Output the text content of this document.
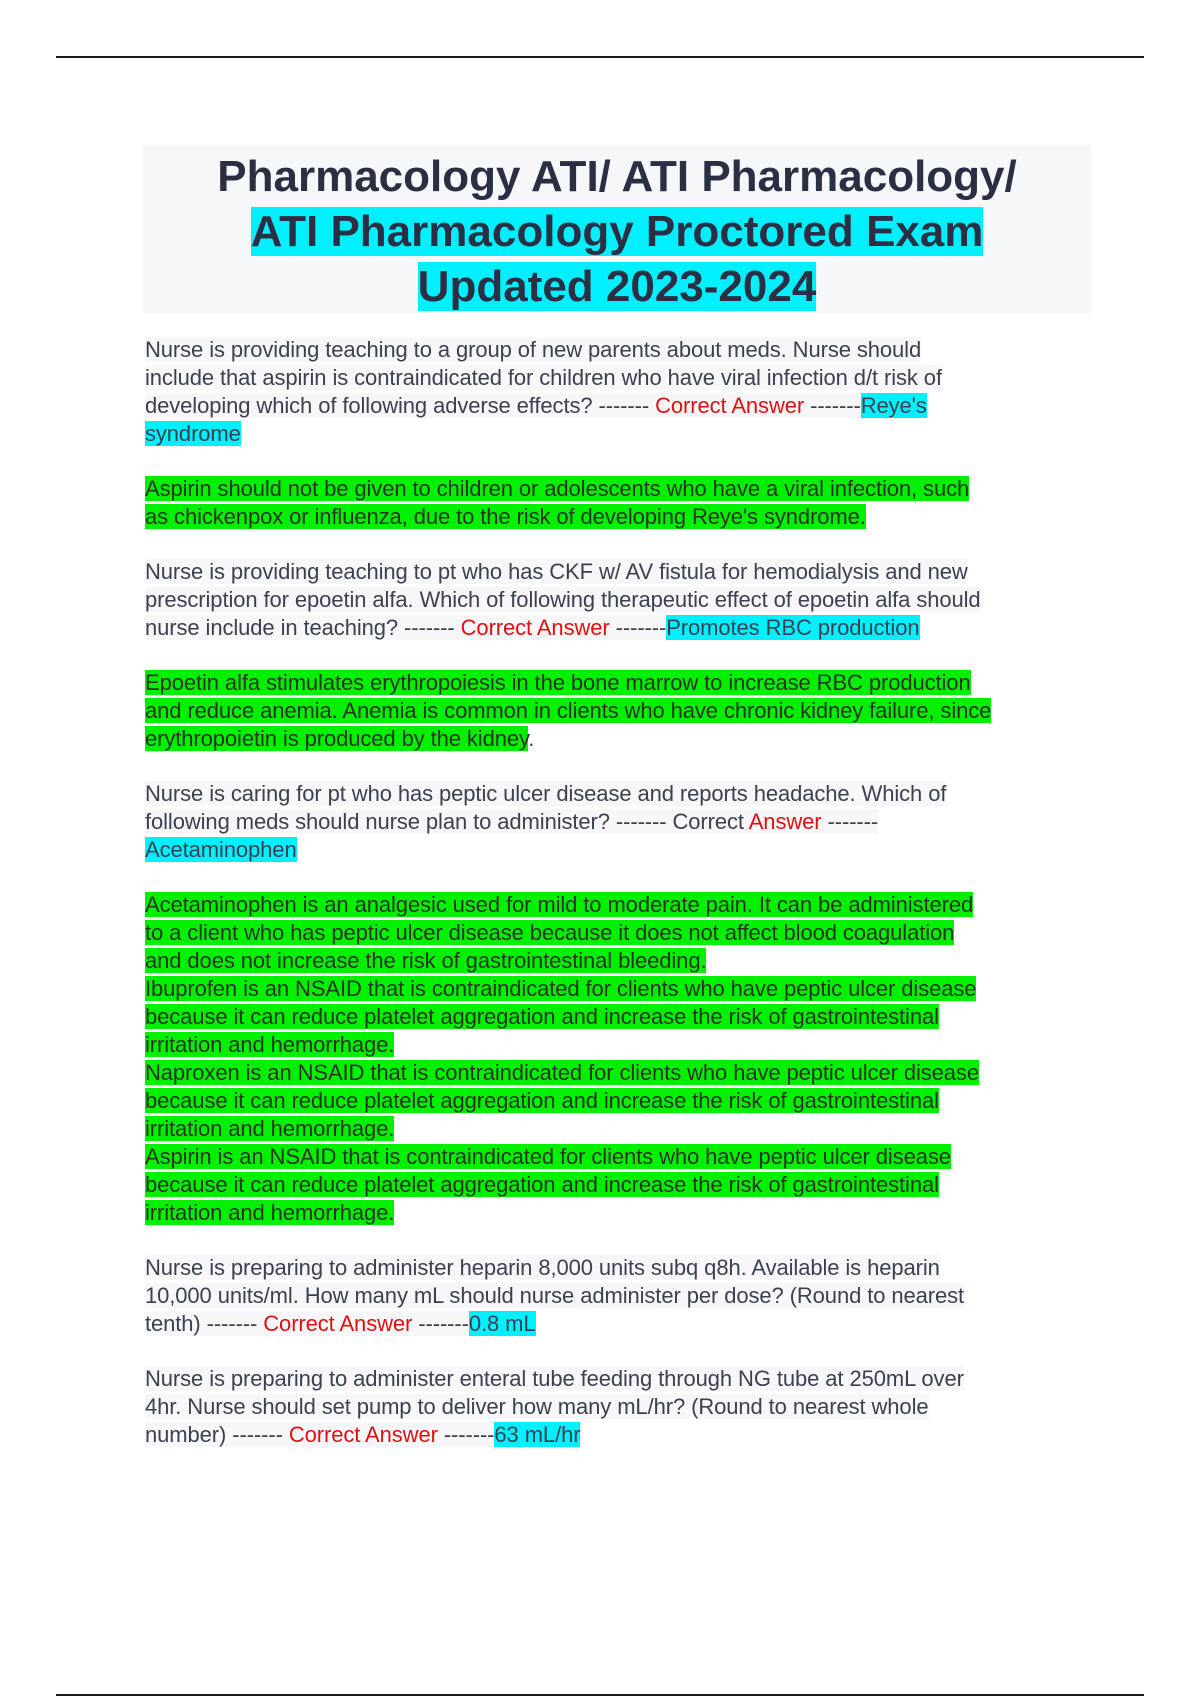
Pharmacology ATI/ ATI Pharmacology/
ATI Pharmacology Proctored Exam
Updated 2023-2024
Nurse is providing teaching to a group of new parents about meds. Nurse should
include that aspirin is contraindicated for children who have viral infection d/t risk of
developing which of following adverse effects? ------- Correct Answer -------Reye's
syndrome
Aspirin should not be given to children or adolescents who have a viral infection, such
as chickenpox or influenza, due to the risk of developing Reye's syndrome.
Nurse is providing teaching to pt who has CKF w/ AV fistula for hemodialysis and new
prescription for epoetin alfa. Which of following therapeutic effect of epoetin alfa should
nurse include in teaching? ------- Correct Answer -------Promotes RBC production
Epoetin alfa stimulates erythropoiesis in the bone marrow to increase RBC production
and reduce anemia. Anemia is common in clients who have chronic kidney failure, since
erythropoietin is produced by the kidney.
Nurse is caring for pt who has peptic ulcer disease and reports headache. Which of
following meds should nurse plan to administer? ------- Correct Answer -------
Acetaminophen
Acetaminophen is an analgesic used for mild to moderate pain. It can be administered
to a client who has peptic ulcer disease because it does not affect blood coagulation
and does not increase the risk of gastrointestinal bleeding.
Ibuprofen is an NSAID that is contraindicated for clients who have peptic ulcer disease
because it can reduce platelet aggregation and increase the risk of gastrointestinal
irritation and hemorrhage.
Naproxen is an NSAID that is contraindicated for clients who have peptic ulcer disease
because it can reduce platelet aggregation and increase the risk of gastrointestinal
irritation and hemorrhage.
Aspirin is an NSAID that is contraindicated for clients who have peptic ulcer disease
because it can reduce platelet aggregation and increase the risk of gastrointestinal
irritation and hemorrhage.
Nurse is preparing to administer heparin 8,000 units subq q8h. Available is heparin
10,000 units/ml. How many mL should nurse administer per dose? (Round to nearest
tenth) ------- Correct Answer -------0.8 mL
Nurse is preparing to administer enteral tube feeding through NG tube at 250mL over
4hr. Nurse should set pump to deliver how many mL/hr? (Round to nearest whole
number) ------- Correct Answer -------63 mL/hr
